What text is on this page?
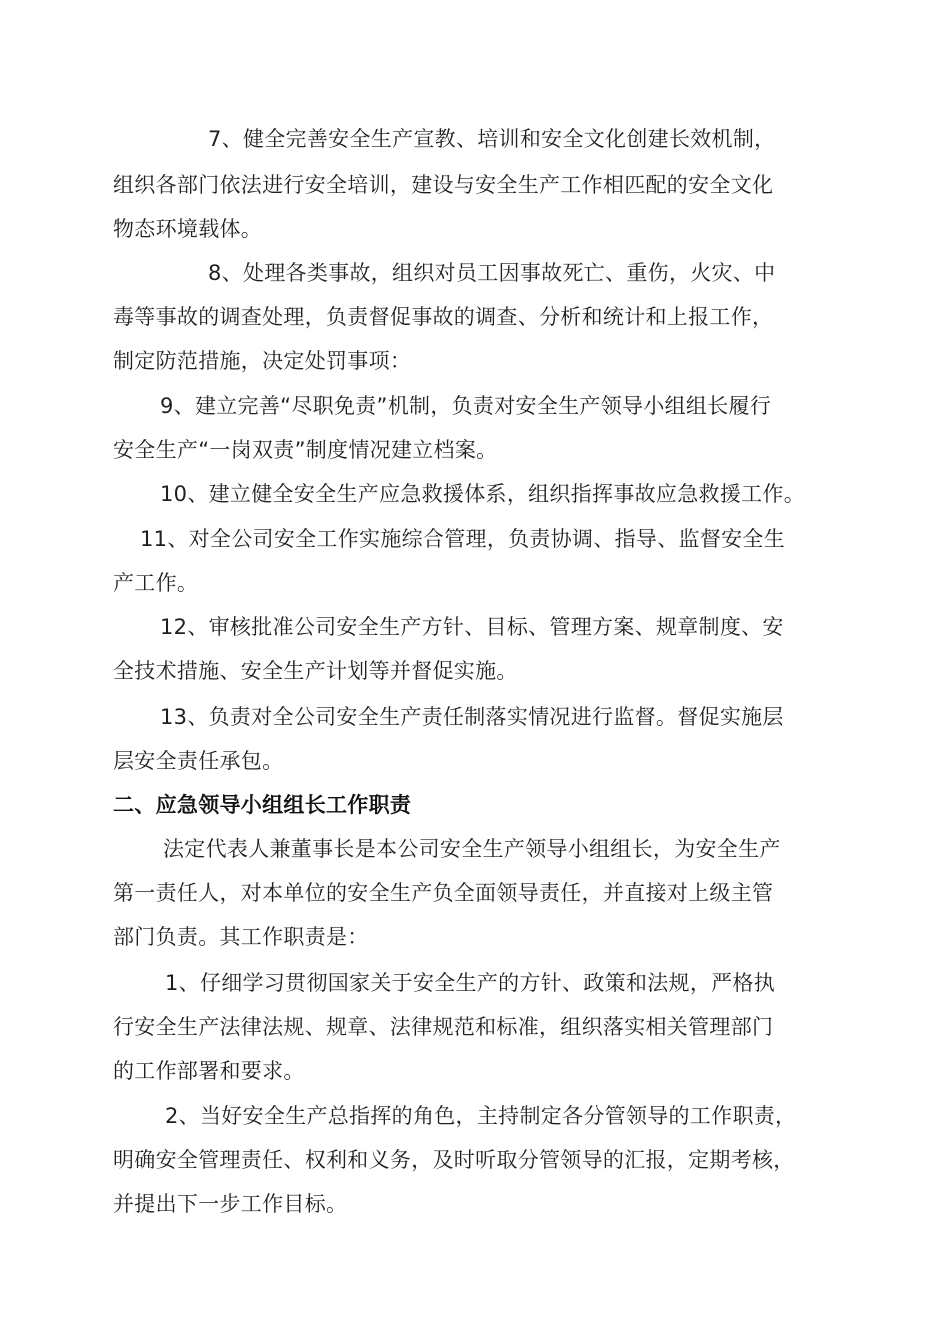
7、健全完善安全生产宣教、培训和安全文化创建长效机制，
组织各部门依法进行安全培训，建设与安全生产工作相匹配的安全文化
物态环境载体。
8、处理各类事故，组织对员工因事故死亡、重伤，火灾、中
毒等事故的调查处理，负责督促事故的调查、分析和统计和上报工作，
制定防范措施，决定处罚事项：
9、建立完善“尽职免责”机制，负责对安全生产领导小组组长履行
安全生产“一岗双责”制度情况建立档案。
10、建立健全安全生产应急救援体系，组织指挥事故应急救援工作。
11、对全公司安全工作实施综合管理，负责协调、指导、监督安全生
产工作。
12、审核批准公司安全生产方针、目标、管理方案、规章制度、安
全技术措施、安全生产计划等并督促实施。
13、负责对全公司安全生产责任制落实情况进行监督。督促实施层
层安全责任承包。
二、应急领导小组组长工作职责
法定代表人兼董事长是本公司安全生产领导小组组长，为安全生产
第一责任人，对本单位的安全生产负全面领导责任，并直接对上级主管
部门负责。其工作职责是：
1、仔细学习贯彻国家关于安全生产的方针、政策和法规，严格执
行安全生产法律法规、规章、法律规范和标准，组织落实相关管理部门
的工作部署和要求。
2、当好安全生产总指挥的角色，主持制定各分管领导的工作职责，
明确安全管理责任、权利和义务，及时听取分管领导的汇报，定期考核，
并提出下一步工作目标。
